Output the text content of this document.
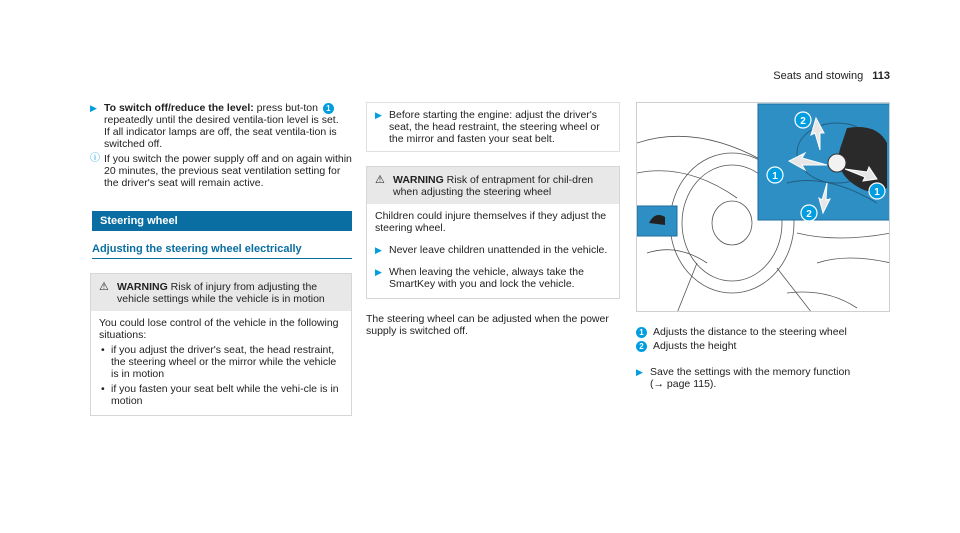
Seats and stowing 113
▶ To switch off/reduce the level: press but-ton 1 repeatedly until the desired ventila-tion level is set.
If all indicator lamps are off, the seat ventila-tion is switched off.
ⓘ If you switch the power supply off and on again within 20 minutes, the previous seat ventilation setting for the driver's seat will remain active.
Steering wheel
Adjusting the steering wheel electrically
⚠ WARNING Risk of injury from adjusting the vehicle settings while the vehicle is in motion
You could lose control of the vehicle in the following situations:
• if you adjust the driver's seat, the head restraint, the steering wheel or the mirror while the vehicle is in motion
• if you fasten your seat belt while the vehi-cle is in motion
▶ Before starting the engine: adjust the driver's seat, the head restraint, the steering wheel or the mirror and fasten your seat belt.
⚠ WARNING Risk of entrapment for chil-dren when adjusting the steering wheel
Children could injure themselves if they adjust the steering wheel.
▶ Never leave children unattended in the vehicle.
▶ When leaving the vehicle, always take the SmartKey with you and lock the vehicle.
The steering wheel can be adjusted when the power supply is switched off.
2
1
1
2
1 Adjusts the distance to the steering wheel
2 Adjusts the height
▶ Save the settings with the memory function
(→ page 115).
